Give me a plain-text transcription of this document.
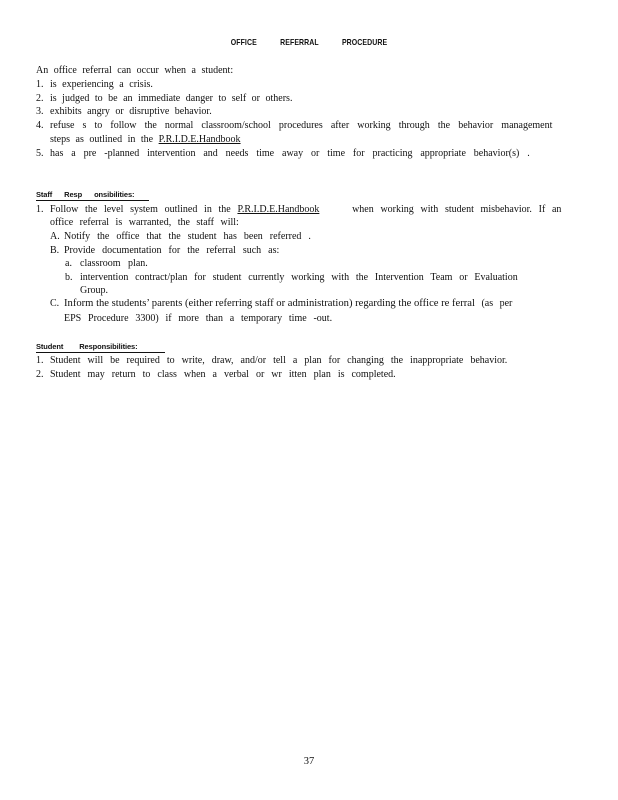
OFFICE REFERRAL PROCEDURE
An office referral can occur when a student:
1. is experiencing a crisis.
2. is judged to be an immediate danger to self or others.
3. exhibits angry or disruptive behavior.
4. refuse s to follow the normal classroom/school procedures after working through the behavior management
steps as outlined in the P.R.I.D.E.Handbook
5. has a pre -planned intervention and needs time away or time for practicing appropriate behavior(s) .
Staff Resp onsibilities:
1. Follow the level system outlined in the P.R.I.D.E.Handbook	when working with student misbehavior. If an
office referral is warranted, the staff will:
A. Notify the office that the student has been referred .
B. Provide documentation for the referral such as:
a. classroom plan.
b. intervention contract/plan for student currently working with the Intervention Team or Evaluation
Group.
C. Inform the students’ parents (either referring staff or administration) regarding the office re ferral (as per
EPS Procedure 3300) if more than a temporary time -out.
Student Responsibilities:
1. Student will be required to write, draw, and/or tell a plan for changing the inappropriate behavior.
2. Student may return to class when a verbal or wr itten plan is completed.
37
